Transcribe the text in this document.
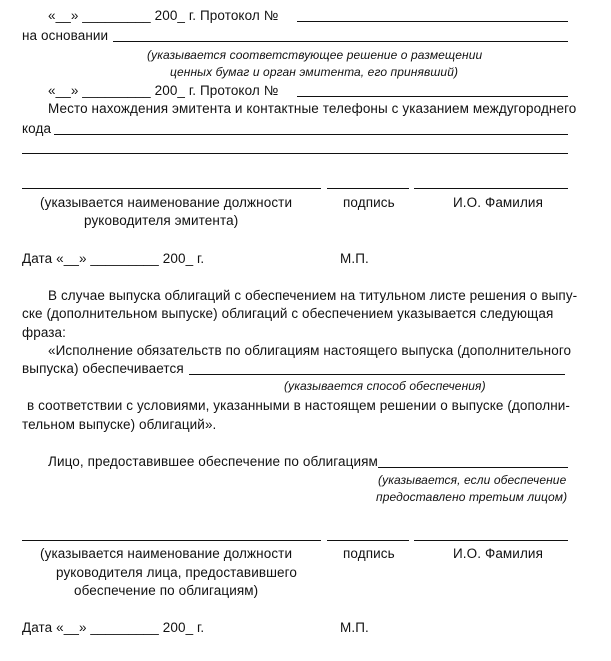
«__» _________ 200_ г. Протокол №
на основании
(указывается соответствующее решение о размещении
ценных бумаг и орган эмитента, его принявший)
«__» _________ 200_ г. Протокол №
Место нахождения эмитента и контактные телефоны с указанием междугороднего
кода
(указывается наименование должности
руководителя эмитента)
подпись	И.О. Фамилия
Дата «__» _________ 200_ г.	М.П.
В случае выпуска облигаций с обеспечением на титульном листе решения о выпу-
ске (дополнительном выпуске) облигаций с обеспечением указывается следующая
фраза:
«Исполнение обязательств по облигациям настоящего выпуска (дополнительного
выпуска) обеспечивается
(указывается способ обеспечения)
в соответствии с условиями, указанными в настоящем решении о выпуске (дополни-
тельном выпуске) облигаций».
Лицо, предоставившее обеспечение по облигациям
(указывается, если обеспечение
предоставлено третьим лицом)
(указывается наименование должности
руководителя лица, предоставившего
обеспечение по облигациям)
подпись	И.О. Фамилия
Дата «__» _________ 200_ г.	М.П.
